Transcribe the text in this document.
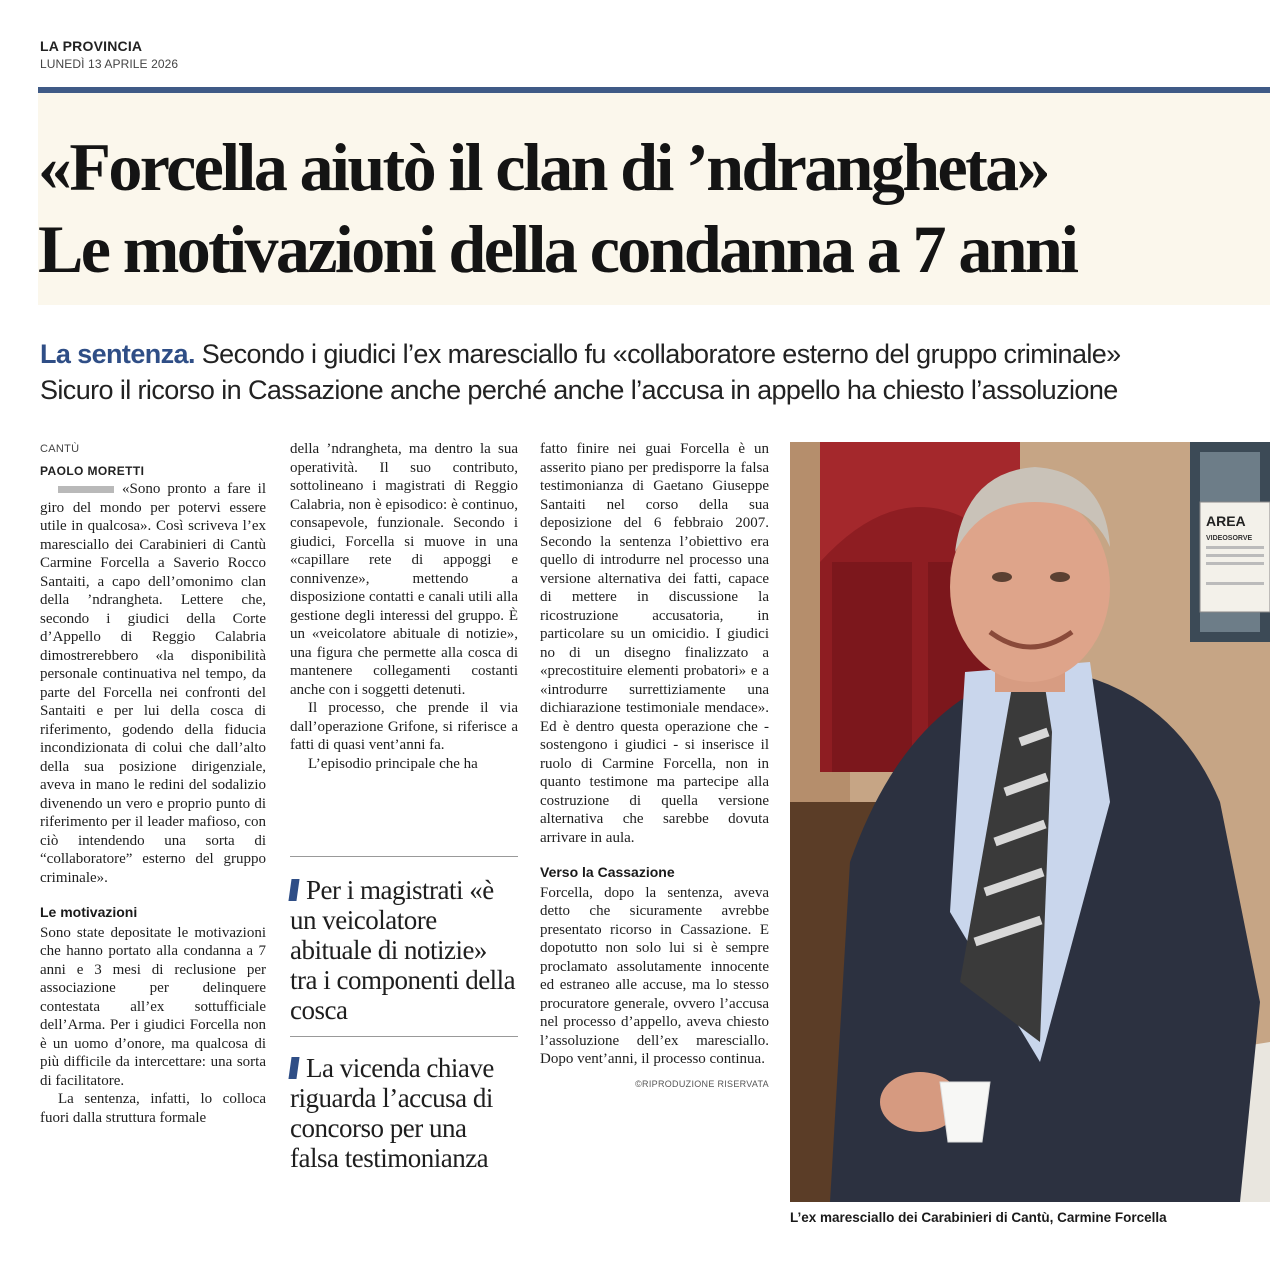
LA PROVINCIA
LUNEDÌ 13 APRILE 2026
«Forcella aiutò il clan di ’ndrangheta»
Le motivazioni della condanna a 7 anni
La sentenza. Secondo i giudici l’ex maresciallo fu «collaboratore esterno del gruppo criminale»
Sicuro il ricorso in Cassazione anche perché anche l’accusa in appello ha chiesto l’assoluzione
CANTÙ
PAOLO MORETTI

«Sono pronto a fare il giro del mondo per potervi essere utile in qualcosa». Così scriveva l’ex maresciallo dei Carabinieri di Cantù Carmine Forcella a Saverio Rocco Santaiti, a capo dell’omonimo clan della ’ndrangheta. Lettere che, secondo i giudici della Corte d’Appello di Reggio Calabria dimostrerebbero «la disponibilità personale continuativa nel tempo, da parte del Forcella nei confronti del Santaiti e per lui della cosca di riferimento, godendo della fiducia incondizionata di colui che dall’alto della sua posizione dirigenziale, aveva in mano le redini del sodalizio divenendo un vero e proprio punto di riferimento per il leader mafioso, con ciò intendendo una sorta di “collaboratore” esterno del gruppo criminale».

Le motivazioni

Sono state depositate le motivazioni che hanno portato alla condanna a 7 anni e 3 mesi di reclusione per associazione per delinquere contestata all’ex sottufficiale dell’Arma. Per i giudici Forcella non è un uomo d’onore, ma qualcosa di più difficile da intercettare: una sorta di facilitatore.

La sentenza, infatti, lo colloca fuori dalla struttura formale

della ’ndrangheta, ma dentro la sua operatività. Il suo contributo, sottolineano i magistrati di Reggio Calabria, non è episodico: è continuo, consapevole, funzionale. Secondo i giudici, Forcella si muove in una «capillare rete di appoggi e connivenze», mettendo a disposizione contatti e canali utili alla gestione degli interessi del gruppo. È un «veicolatore abituale di notizie», una figura che permette alla cosca di mantenere collegamenti costanti anche con i soggetti detenuti.

Il processo, che prende il via dall’operazione Grifone, si riferisce a fatti di quasi vent’anni fa.

L’episodio principale che ha

Per i magistrati «è un veicolatore abituale di notizie» tra i componenti della cosca
La vicenda chiave riguarda l’accusa di concorso per una falsa testimonianza

fatto finire nei guai Forcella è un asserito piano per predisporre la falsa testimonianza di Gaetano Giuseppe Santaiti nel corso della sua deposizione del 6 febbraio 2007. Secondo la sentenza l’obiettivo era quello di introdurre nel processo una versione alternativa dei fatti, capace di mettere in discussione la ricostruzione accusatoria, in particolare su un omicidio. I giudici no di un disegno finalizzato a «precostituire elementi probatori» e a «introdurre surrettiziamente una dichiarazione testimoniale mendace». Ed è dentro questa operazione che - sostengono i giudici - si inserisce il ruolo di Carmine Forcella, non in quanto testimone ma partecipe alla costruzione di quella versione alternativa che sarebbe dovuta arrivare in aula.

Verso la Cassazione

Forcella, dopo la sentenza, aveva detto che sicuramente avrebbe presentato ricorso in Cassazione. E dopotutto non solo lui si è sempre proclamato assolutamente innocente ed estraneo alle accuse, ma lo stesso procuratore generale, ovvero l’accusa nel processo d’appello, aveva chiesto l’assoluzione dell’ex maresciallo. Dopo vent’anni, il processo continua.

©RIPRODUZIONE RISERVATA
AREA
VIDEOSORVE
L’ex maresciallo dei Carabinieri di Cantù, Carmine Forcella
